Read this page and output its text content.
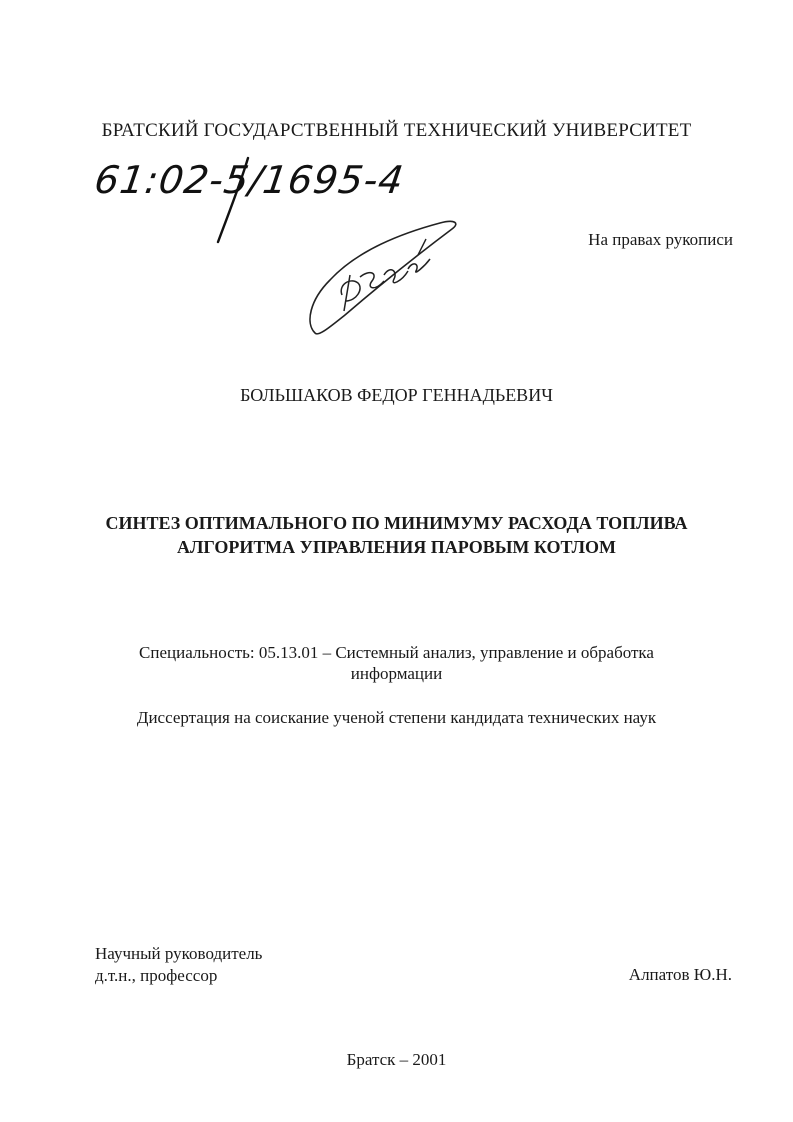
БРАТСКИЙ ГОСУДАРСТВЕННЫЙ ТЕХНИЧЕСКИЙ УНИВЕРСИТЕТ
61:02-5/1695-4
На правах рукописи
БОЛЬШАКОВ ФЕДОР ГЕННАДЬЕВИЧ
СИНТЕЗ ОПТИМАЛЬНОГО ПО МИНИМУМУ РАСХОДА ТОПЛИВА
АЛГОРИТМА УПРАВЛЕНИЯ ПАРОВЫМ КОТЛОМ
Специальность: 05.13.01 – Системный анализ, управление и обработка
информации
Диссертация на соискание ученой степени кандидата технических наук
Научный руководитель
д.т.н., профессор	Алпатов Ю.Н.
Братск – 2001
